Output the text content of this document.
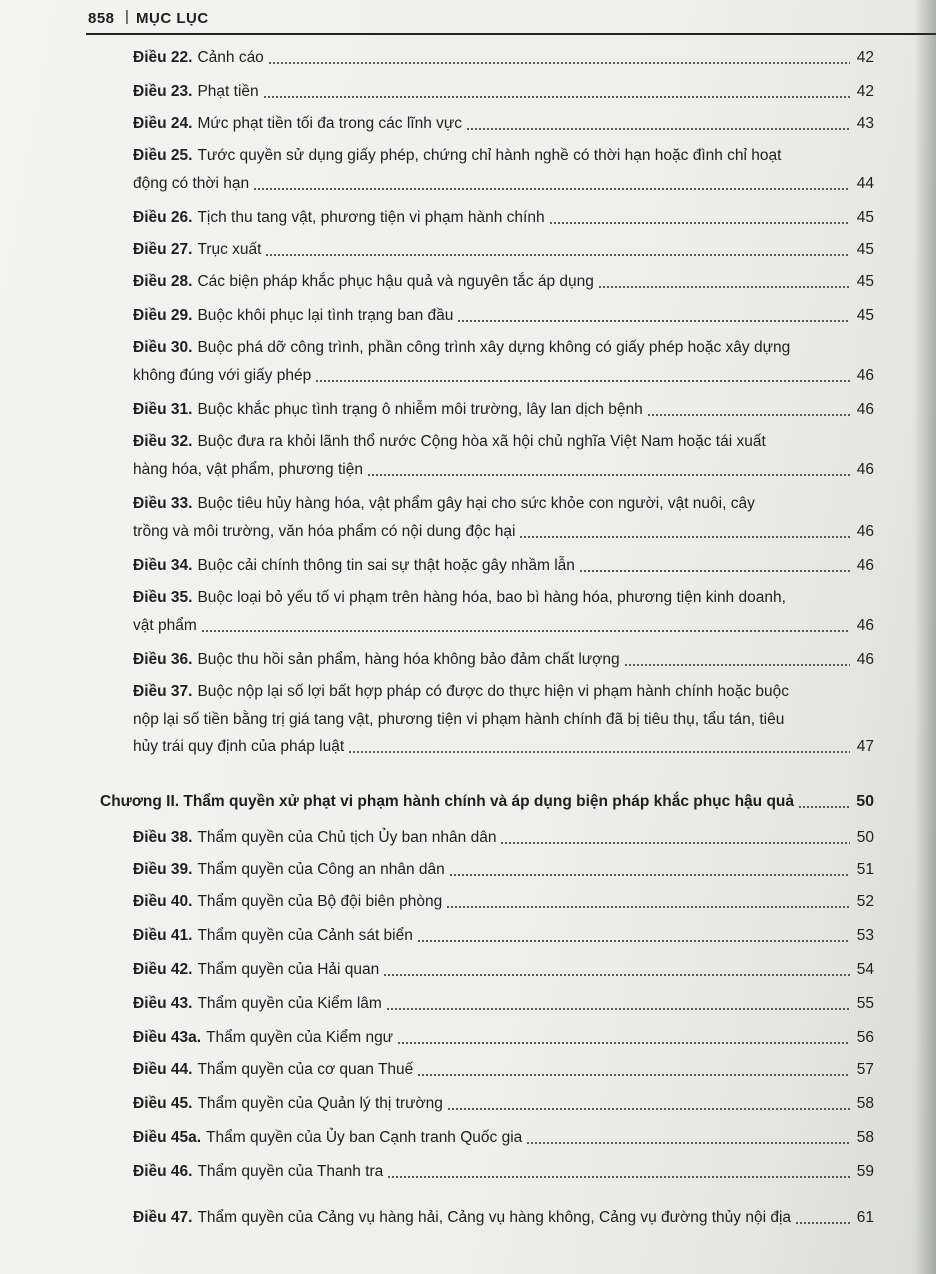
858 | MỤC LỤC
Điều 22. Cảnh cáo	42
Điều 23. Phạt tiền	42
Điều 24. Mức phạt tiền tối đa trong các lĩnh vực	43
Điều 25. Tước quyền sử dụng giấy phép, chứng chỉ hành nghề có thời hạn hoặc đình chỉ hoạt
động có thời hạn	44
Điều 26. Tịch thu tang vật, phương tiện vi phạm hành chính	45
Điều 27. Trục xuất	45
Điều 28. Các biện pháp khắc phục hậu quả và nguyên tắc áp dụng	45
Điều 29. Buộc khôi phục lại tình trạng ban đầu	45
Điều 30. Buộc phá dỡ công trình, phần công trình xây dựng không có giấy phép hoặc xây dựng
không đúng với giấy phép	46
Điều 31. Buộc khắc phục tình trạng ô nhiễm môi trường, lây lan dịch bệnh	46
Điều 32. Buộc đưa ra khỏi lãnh thổ nước Cộng hòa xã hội chủ nghĩa Việt Nam hoặc tái xuất
hàng hóa, vật phẩm, phương tiện	46
Điều 33. Buộc tiêu hủy hàng hóa, vật phẩm gây hại cho sức khỏe con người, vật nuôi, cây
trồng và môi trường, văn hóa phẩm có nội dung độc hại	46
Điều 34. Buộc cải chính thông tin sai sự thật hoặc gây nhầm lẫn	46
Điều 35. Buộc loại bỏ yếu tố vi phạm trên hàng hóa, bao bì hàng hóa, phương tiện kinh doanh,
vật phẩm	46
Điều 36. Buộc thu hồi sản phẩm, hàng hóa không bảo đảm chất lượng	46
Điều 37. Buộc nộp lại số lợi bất hợp pháp có được do thực hiện vi phạm hành chính hoặc buộc
nộp lại số tiền bằng trị giá tang vật, phương tiện vi phạm hành chính đã bị tiêu thụ, tẩu tán, tiêu
hủy trái quy định của pháp luật	47
Chương II. Thẩm quyền xử phạt vi phạm hành chính và áp dụng biện pháp khắc phục hậu quả	50
Điều 38. Thẩm quyền của Chủ tịch Ủy ban nhân dân	50
Điều 39. Thẩm quyền của Công an nhân dân	51
Điều 40. Thẩm quyền của Bộ đội biên phòng	52
Điều 41. Thẩm quyền của Cảnh sát biển	53
Điều 42. Thẩm quyền của Hải quan	54
Điều 43. Thẩm quyền của Kiểm lâm	55
Điều 43a. Thẩm quyền của Kiểm ngư	56
Điều 44. Thẩm quyền của cơ quan Thuế	57
Điều 45. Thẩm quyền của Quản lý thị trường	58
Điều 45a. Thẩm quyền của Ủy ban Cạnh tranh Quốc gia	58
Điều 46. Thẩm quyền của Thanh tra	59
Điều 47. Thẩm quyền của Cảng vụ hàng hải, Cảng vụ hàng không, Cảng vụ đường thủy nội địa	61
